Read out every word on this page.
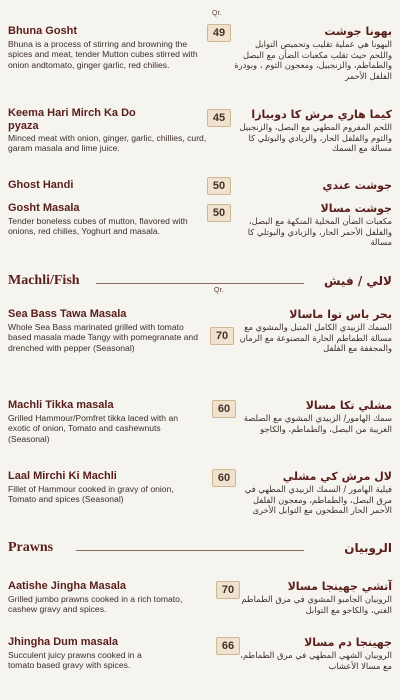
Qr.
Bhuna Gosht
Bhuna is a process of stirring and browning the spices and meat, tender Mutton cubes stirred with onion andtomato, ginger garlic, red chilies.
49	بهونا جوشت
البهونا هي عملية تقليب وتحميص التوابل واللحم حيث تقلب مكعبات الضأن مع البصل والطماطم، والزنجبيل، ومعجون الثوم ، وبودرة الفلفل الأحمر
Keema Hari Mirch Ka Do pyaza
Minced meat with onion, ginger, garlic, chillies, curd, garam masala and lime juice.
45	كيما هاري مرش كا دوبيازا
اللحم المفروم المطهي مع البصل، والزنجبيل والثوم والفلفل الحار، والزبادي والبوتلي كا مسالة مع السمك
Ghost Handi	50	جوشت عندي
Gosht Masala
Tender boneless cubes of mutton, flavored with onions, red chilies, Yoghurt and masala.
50	جوشت مسالا
مكعبات الضأن المخلية المنكهة مع البصل، والفلفل الأحمر الحار، والزبادي والبوتلي كا مسالة
Machli/Fish	لالي / فيش
Qr.
Sea Bass Tawa Masala
Whole Sea Bass marinated grilled with tomato based masala made Tangy with pomegranate and drenched with pepper (Seasonal)
70
بحر باس توا ماسالا
السمك الزبيدي الكامل المتبل والمشوي مع مسالة الطماطم الحارة المصنوعة مع الرمان والمجففة مع الفلفل
Machli Tikka masala
Grilled Hammour/Pomfret tikka laced with an exotic of onion, Tomato and cashewnuts (Seasonal)
60	مشلي تكا مسالا
سمك الهامور/ الزبيدي المشوي مع الصلصة الغريبة من البصل، والطماطم، والكاجو
Laal Mirchi Ki Machli
Fillet of Hammour cooked in gravy of onion, Tomato and spices (Seasonal)
60	لال مرش كي مشلي
فيلية الهامور / السمك الزبيدي المطهي في مرق البصل، والطماطم، ومعجون الفلفل الأحمر الحار المطحون مع التوابل الأخرى
Prawns	الروبيان
Aatishe Jingha Masala
Grilled jumbo prawns cooked in a rich tomato, cashew gravy and spices.
70	آتشي جهينجا مسالا
الروبيان الجامبو المشوي في مرق الطماطم الغني، والكاجو مع التوابل
Jhingha Dum masala
Succulent juicy prawns cooked in a tomato based gravy with spices.
66	جهينجا دم مسالا
الروبيان الشهي المطهي في مرق الطماطم، مع مسالا الأعشاب
